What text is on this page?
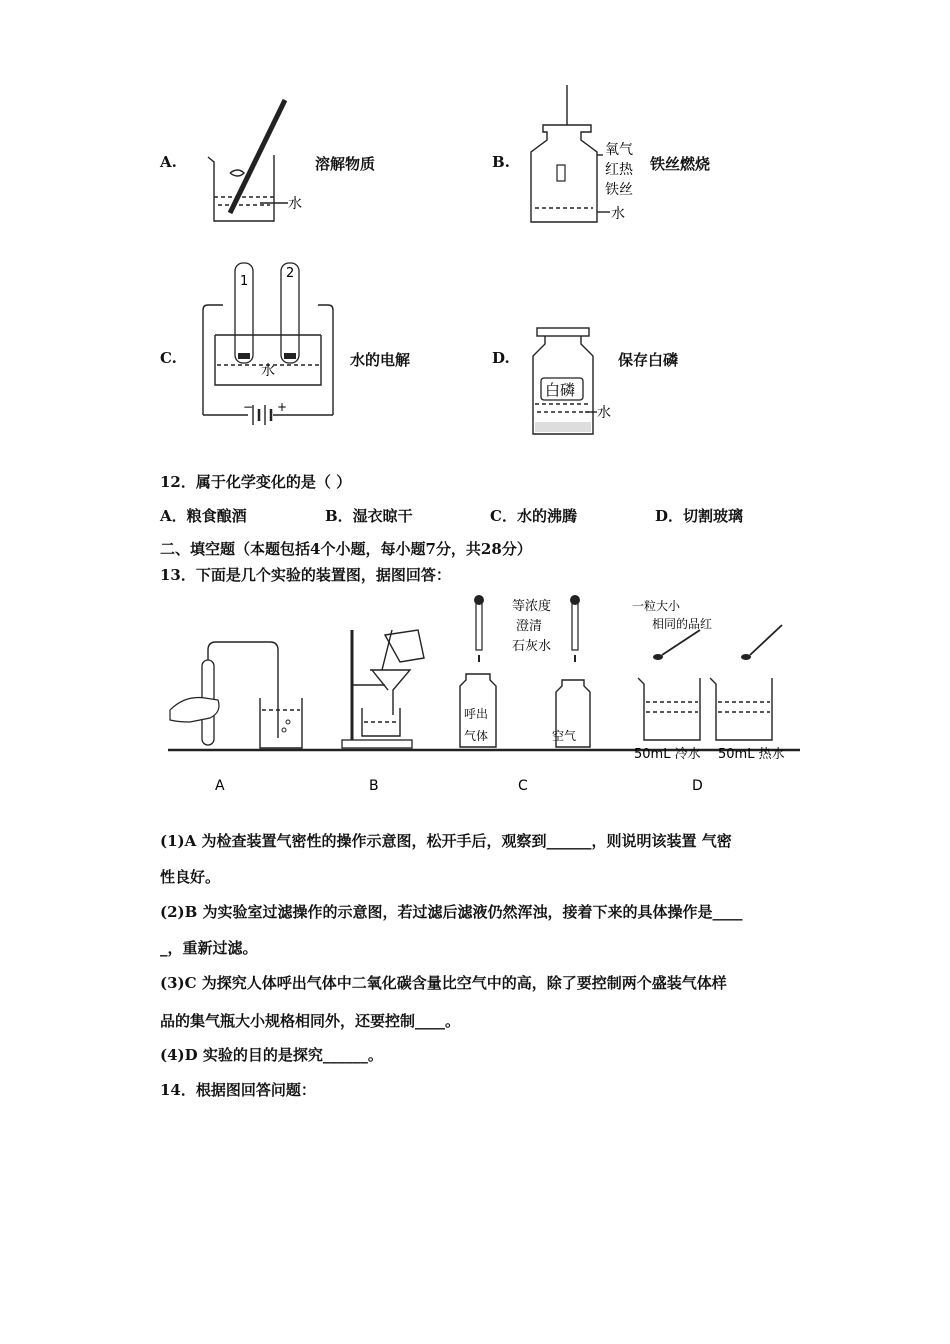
A.
水
溶解物质	B.
氧气
红热
铁丝
水
铁丝燃烧
C.
1
2
水
− +
水的电解	D.
白磷
水
保存白磷
12．属于化学变化的是（ ）
A．粮食酿酒	B．湿衣晾干	C．水的沸腾	D．切割玻璃
二、填空题（本题包括4个小题，每小题7分，共28分）
13．下面是几个实验的装置图，据图回答：
等浓度
澄清
石灰水
呼出
气体	空气
一粒大小
相同的品红
50mL 冷水 50mL 热水
A	B	C	D
(1)A 为检查装置气密性的操作示意图，松开手后，观察到______，则说明该装置 气密
性良好。
(2)B 为实验室过滤操作的示意图，若过滤后滤液仍然浑浊，接着下来的具体操作是____
_，重新过滤。
(3)C 为探究人体呼出气体中二氧化碳含量比空气中的高，除了要控制两个盛装气体样
品的集气瓶大小规格相同外，还要控制____。
(4)D 实验的目的是探究______。
14．根据图回答问题：
